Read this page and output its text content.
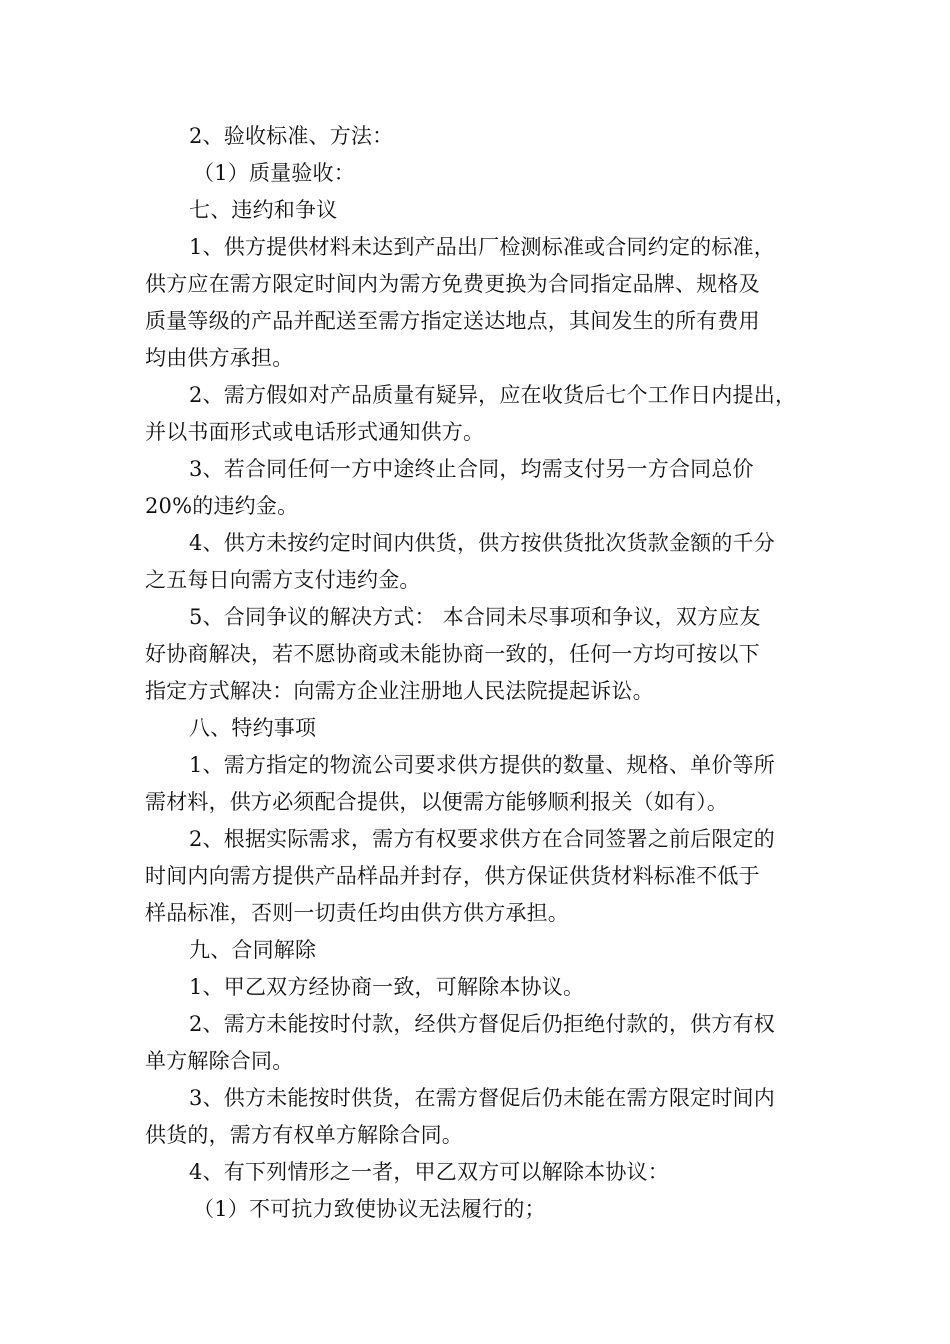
2、验收标准、方法：
（1）质量验收：
七、违约和争议
1、供方提供材料未达到产品出厂检测标准或合同约定的标准，
供方应在需方限定时间内为需方免费更换为合同指定品牌、规格及
质量等级的产品并配送至需方指定送达地点，其间发生的所有费用
均由供方承担。
2、需方假如对产品质量有疑异，应在收货后七个工作日内提出，
并以书面形式或电话形式通知供方。
3、若合同任何一方中途终止合同，均需支付另一方合同总价
20%的违约金。
4、供方未按约定时间内供货，供方按供货批次货款金额的千分
之五每日向需方支付违约金。
5、合同争议的解决方式： 本合同未尽事项和争议，双方应友
好协商解决，若不愿协商或未能协商一致的，任何一方均可按以下
指定方式解决：向需方企业注册地人民法院提起诉讼。
八、特约事项
1、需方指定的物流公司要求供方提供的数量、规格、单价等所
需材料，供方必须配合提供，以便需方能够顺利报关（如有）。
2、根据实际需求，需方有权要求供方在合同签署之前后限定的
时间内向需方提供产品样品并封存，供方保证供货材料标准不低于
样品标准，否则一切责任均由供方供方承担。
九、合同解除
1、甲乙双方经协商一致，可解除本协议。
2、需方未能按时付款，经供方督促后仍拒绝付款的，供方有权
单方解除合同。
3、供方未能按时供货，在需方督促后仍未能在需方限定时间内
供货的，需方有权单方解除合同。
4、有下列情形之一者，甲乙双方可以解除本协议：
（1）不可抗力致使协议无法履行的；
